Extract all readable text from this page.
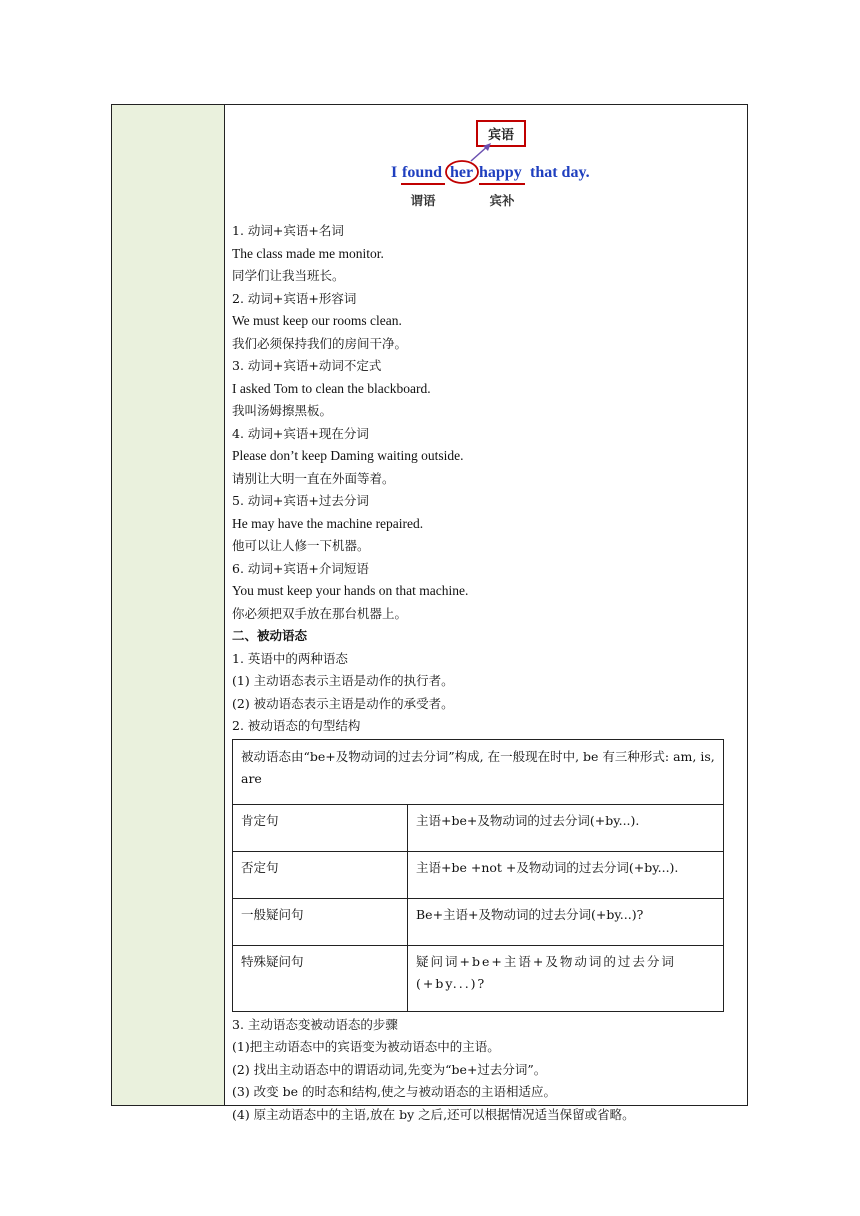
宾语
I found her happy that day.
谓语	宾补
1. 动词+宾语+名词
The class made me monitor.
同学们让我当班长。
2. 动词+宾语+形容词
We must keep our rooms clean.
我们必须保持我们的房间干净。
3. 动词+宾语+动词不定式
I asked Tom to clean the blackboard.
我叫汤姆擦黑板。
4. 动词+宾语+现在分词
Please don’t keep Daming waiting outside.
请别让大明一直在外面等着。
5. 动词+宾语+过去分词
He may have the machine repaired.
他可以让人修一下机器。
6. 动词+宾语+介词短语
You must keep your hands on that machine.
你必须把双手放在那台机器上。
二、被动语态
1. 英语中的两种语态
(1) 主动语态表示主语是动作的执行者。
(2) 被动语态表示主语是动作的承受者。
2. 被动语态的句型结构
被动语态由“be+及物动词的过去分词”构成, 在一般现在时中, be 有三种形式: am, is, are	
肯定句	主语+be+及物动词的过去分词(+by...).
否定句	主语+be +not +及物动词的过去分词(+by...).
一般疑问句	Be+主语+及物动词的过去分词(+by...)?
特殊疑问句	疑问词+be+主语+及物动词的过去分词(+by...)?
3. 主动语态变被动语态的步骤
(1)把主动语态中的宾语变为被动语态中的主语。
(2) 找出主动语态中的谓语动词,先变为“be+过去分词”。
(3) 改变 be 的时态和结构,使之与被动语态的主语相适应。
(4) 原主动语态中的主语,放在 by 之后,还可以根据情况适当保留或省略。
